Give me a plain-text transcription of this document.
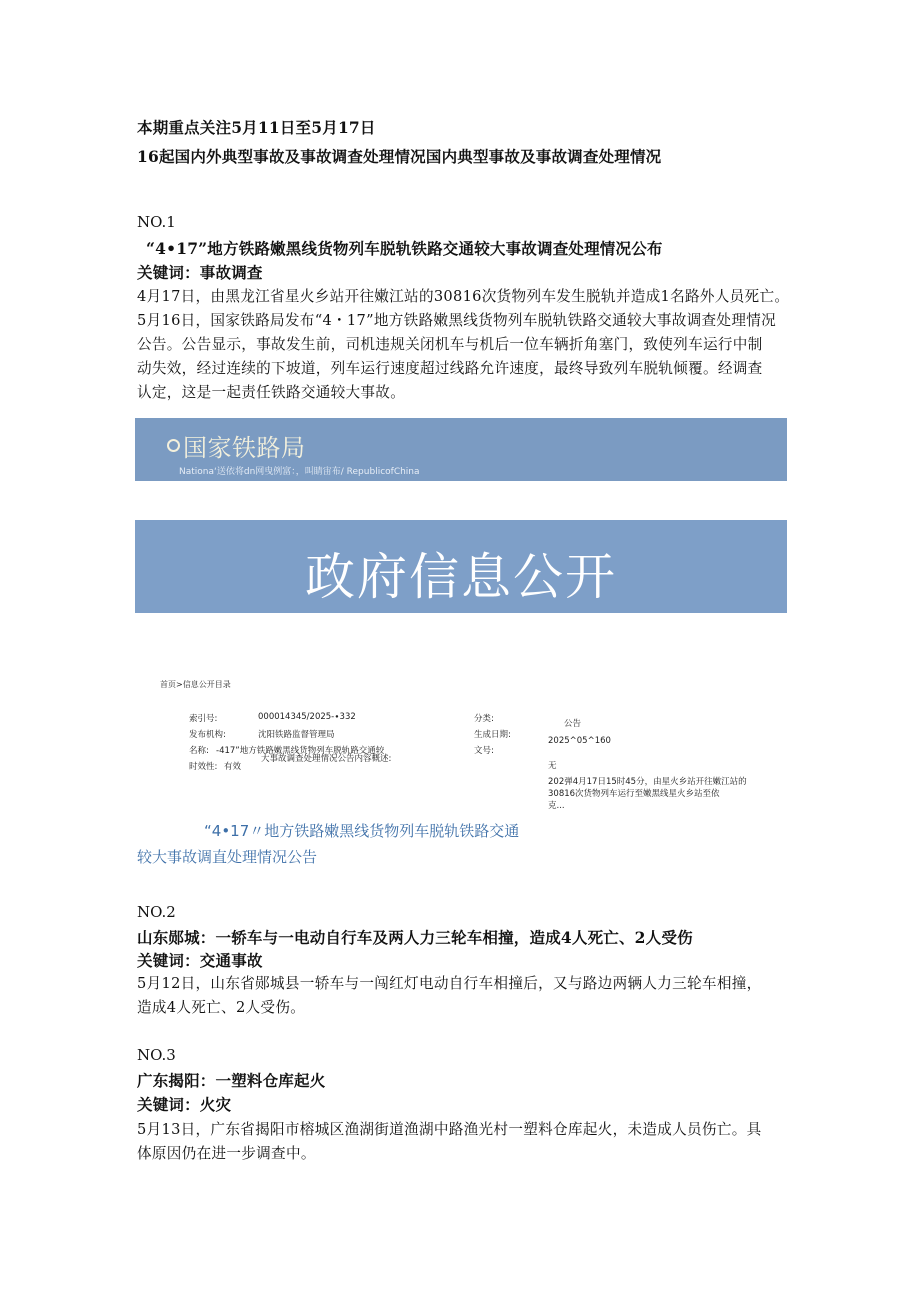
本期重点关注5月11日至5月17日
16起国内外典型事故及事故调查处理情况国内典型事故及事故调查处理情况
NO.1
“4•17”地方铁路嫩黑线货物列车脱轨铁路交通较大事故调查处理情况公布
关键词：事故调查
4月17日，由黑龙江省星火乡站开往嫩江站的30816次货物列车发生脱轨并造成1名路外人员死亡。
5月16日，国家铁路局发布“4・17”地方铁路嫩黑线货物列车脱轨铁路交通较大事故调查处理情况
公告。公告显示，事故发生前，司机违规关闭机车与机后一位车辆折角塞门，致使列车运行中制
动失效，经过连续的下坡道，列车运行速度超过线路允许速度，最终导致列车脱轨倾覆。经调查
认定，这是一起责任铁路交通较大事故。
国家铁路局
Nationa‘送依将dn网曳例富：，叫睛宙布/ RepublicofChina
政府信息公开
首页>信息公开目录
索引号:	000014345/2025-∙332
发布机构:	沈阳铁路监督管理局
名称: -417”地方铁路嫩黑线货物列车脱轨路交通较
大事故调查处理情况公告内容概述:
时效性: 有效
分类:	公告
生成日期:
2025^05^160
文号:
无
202弹4月17日15时45分，由星火乡站开往嫩江站的
30816次货物列车运行至嫩黑线星火乡站至依
克...
“4•17〃地方铁路嫩黑线货物列车脱轨铁路交通
较大事故调直处理情况公告
NO.2
山东郧城：一轿车与一电动自行车及两人力三轮车相撞，造成4人死亡、2人受伤
关键词：交通事故
5月12日，山东省郧城县一轿车与一闯红灯电动自行车相撞后，又与路边两辆人力三轮车相撞，
造成4人死亡、2人受伤。
NO.3
广东揭阳：一塑料仓库起火
关键词：火灾
5月13日，广东省揭阳市榕城区渔湖街道渔湖中路渔光村一塑料仓库起火，未造成人员伤亡。具
体原因仍在进一步调查中。
